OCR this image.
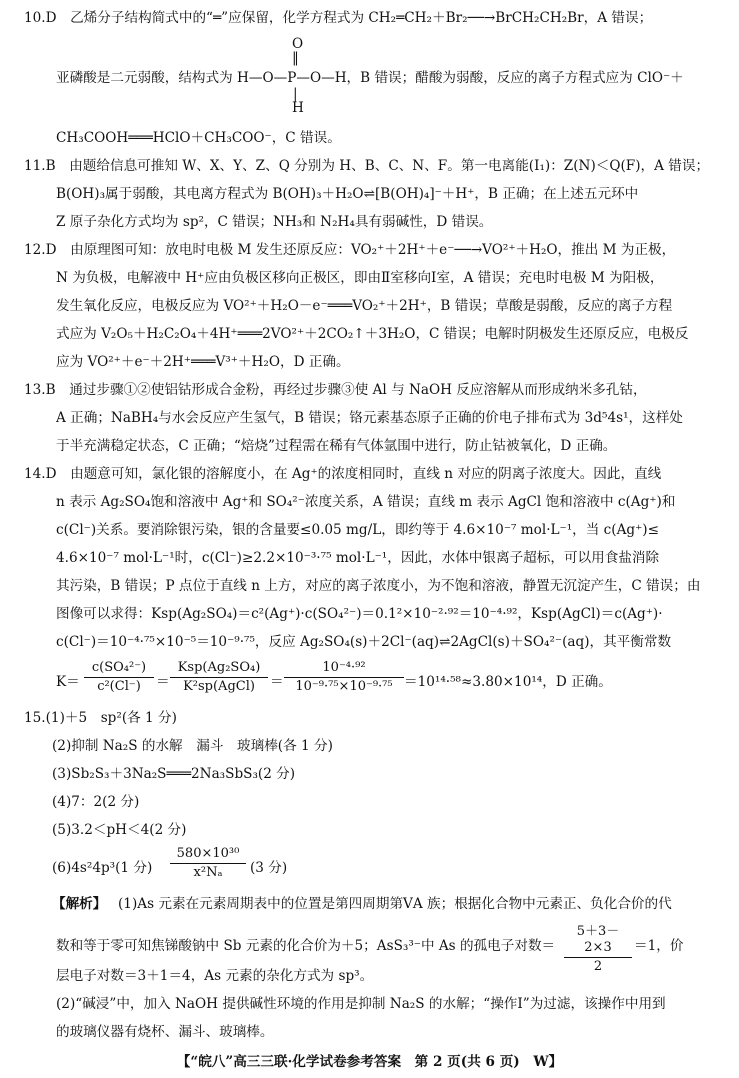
10.D　乙烯分子结构简式中的“═”应保留，化学方程式为 CH₂═CH₂＋Br₂──→BrCH₂CH₂Br，A 错误；
O
‖
亚磷酸是二元弱酸，结构式为 H—O—P—O—H，B 错误；醋酸为弱酸，反应的离子方程式应为 ClO⁻＋
|
H
CH₃COOH═══HClO＋CH₃COO⁻，C 错误。
11.B　由题给信息可推知 W、X、Y、Z、Q 分别为 H、B、C、N、F。第一电离能(I₁)：Z(N)＜Q(F)，A 错误；
B(OH)₃属于弱酸，其电离方程式为 B(OH)₃＋H₂O⇌[B(OH)₄]⁻＋H⁺，B 正确；在上述五元环中
Z 原子杂化方式均为 sp²，C 错误；NH₃和 N₂H₄具有弱碱性，D 错误。
12.D　由原理图可知：放电时电极 M 发生还原反应：VO₂⁺＋2H⁺＋e⁻──→VO²⁺＋H₂O，推出 M 为正极，
N 为负极，电解液中 H⁺应由负极区移向正极区，即由Ⅱ室移向Ⅰ室，A 错误；充电时电极 M 为阳极，
发生氧化反应，电极反应为 VO²⁺＋H₂O－e⁻═══VO₂⁺＋2H⁺，B 错误；草酸是弱酸，反应的离子方程
式应为 V₂O₅＋H₂C₂O₄＋4H⁺═══2VO²⁺＋2CO₂↑＋3H₂O，C 错误；电解时阴极发生还原反应，电极反
应为 VO²⁺＋e⁻＋2H⁺═══V³⁺＋H₂O，D 正确。
13.B　通过步骤①②使铝钴形成合金粉，再经过步骤③使 Al 与 NaOH 反应溶解从而形成纳米多孔钴，
A 正确；NaBH₄与水会反应产生氢气，B 错误；铬元素基态原子正确的价电子排布式为 3d⁵4s¹，这样处
于半充满稳定状态，C 正确；“焙烧”过程需在稀有气体氩围中进行，防止钴被氧化，D 正确。
14.D　由题意可知，氯化银的溶解度小，在 Ag⁺的浓度相同时，直线 n 对应的阴离子浓度大。因此，直线
n 表示 Ag₂SO₄饱和溶液中 Ag⁺和 SO₄²⁻浓度关系，A 错误；直线 m 表示 AgCl 饱和溶液中 c(Ag⁺)和
c(Cl⁻)关系。要消除银污染，银的含量要≤0.05 mg/L，即约等于 4.6×10⁻⁷ mol·L⁻¹，当 c(Ag⁺)≤
4.6×10⁻⁷ mol·L⁻¹时，c(Cl⁻)≥2.2×10⁻³·⁷⁵ mol·L⁻¹，因此，水体中银离子超标，可以用食盐消除
其污染，B 错误；P 点位于直线 n 上方，对应的离子浓度小，为不饱和溶液，静置无沉淀产生，C 错误；由
图像可以求得：Ksp(Ag₂SO₄)＝c²(Ag⁺)·c(SO₄²⁻)＝0.1²×10⁻²·⁹²＝10⁻⁴·⁹²，Ksp(AgCl)＝c(Ag⁺)·
c(Cl⁻)＝10⁻⁴·⁷⁵×10⁻⁵＝10⁻⁹·⁷⁵，反应 Ag₂SO₄(s)＋2Cl⁻(aq)⇌2AgCl(s)＋SO₄²⁻(aq)，其平衡常数
K＝
c(SO₄²⁻)
c²(Cl⁻)	＝
Ksp(Ag₂SO₄)
K²sp(AgCl)	＝
10⁻⁴·⁹²
10⁻⁹·⁷⁵×10⁻⁹·⁷⁵ ＝10¹⁴·⁵⁸≈3.80×10¹⁴，D 正确。
15.(1)＋5　sp²(各 1 分)
(2)抑制 Na₂S 的水解　漏斗　玻璃棒(各 1 分)
(3)Sb₂S₃＋3Na₂S═══2Na₃SbS₃(2 分)
(4)7：2(2 分)
(5)3.2＜pH＜4(2 分)
(6)4s²4p³(1 分)
580×10³⁰
x²Nₐ	(3 分)
【解析】 (1)As 元素在元素周期表中的位置是第四周期第ⅤA 族；根据化合物中元素正、负化合价的代
数和等于零可知焦锑酸钠中 Sb 元素的化合价为＋5；AsS₃³⁻中 As 的孤电子对数＝
5＋3－2×3
2
＝1，价
层电子对数＝3＋1＝4，As 元素的杂化方式为 sp³。
(2)“碱浸”中，加入 NaOH 提供碱性环境的作用是抑制 Na₂S 的水解；“操作Ⅰ”为过滤，该操作中用到
的玻璃仪器有烧杯、漏斗、玻璃棒。
【“皖八”高三三联·化学试卷参考答案　第 2 页(共 6 页)　W】
